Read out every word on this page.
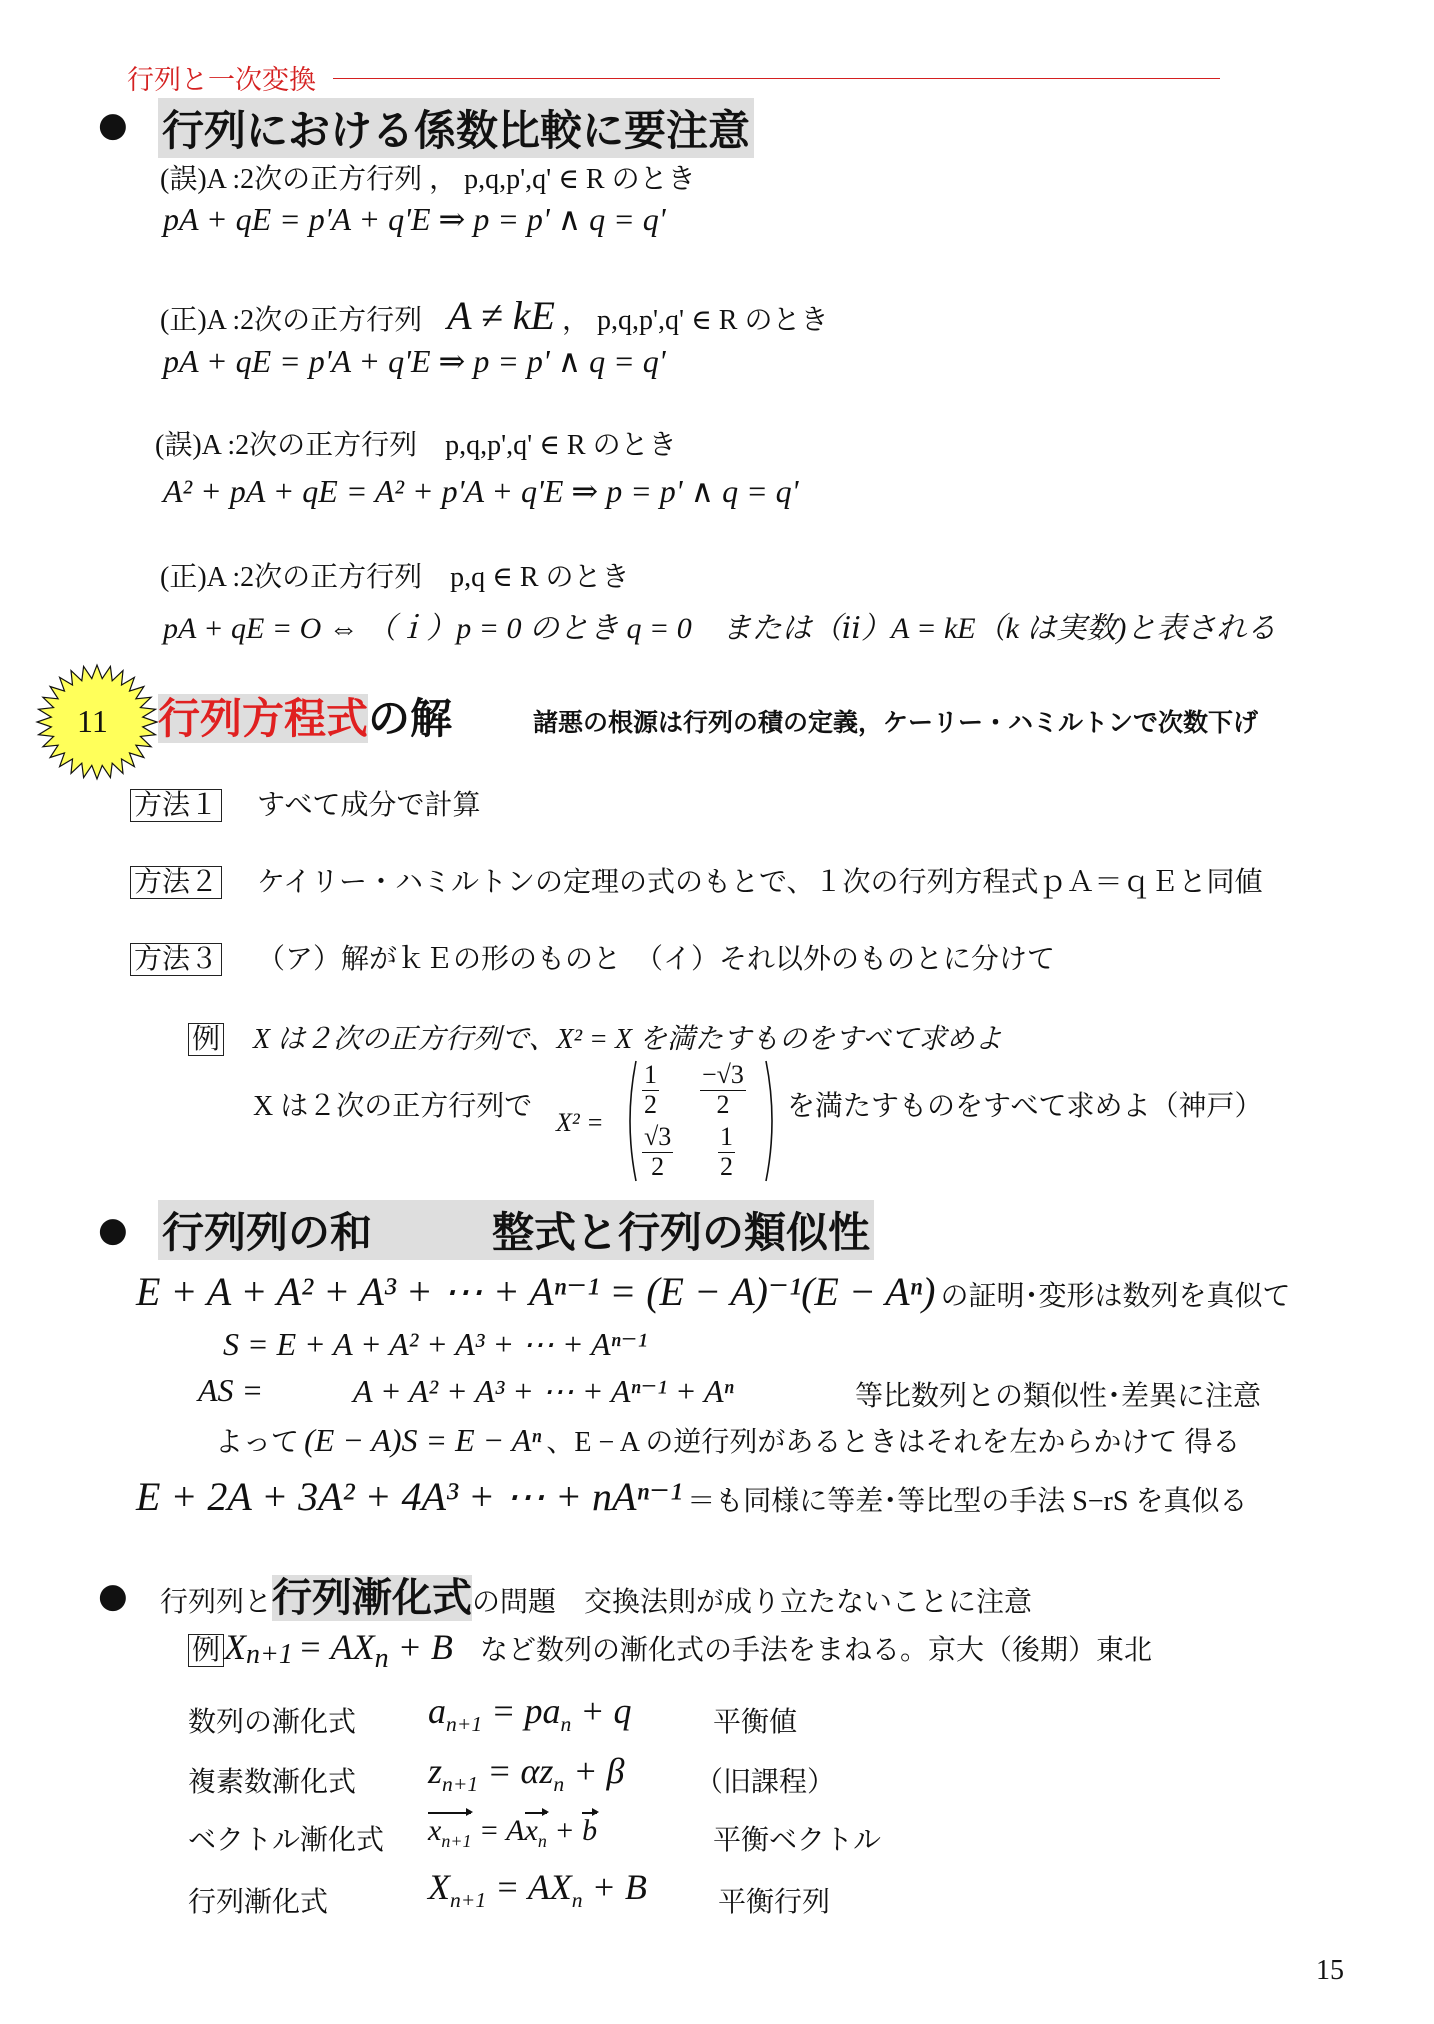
行列と一次変換
● 行列における係数比較に要注意
(誤)A :2次の正方行列 ， p,q,p',q' ∈ R のとき
pA + qE = p'A + q'E ⇒ p = p' ∧ q = q'
(正)A :2次の正方行列 A ≠ kE ， p,q,p',q' ∈ R のとき
pA + qE = p'A + q'E ⇒ p = p' ∧ q = q'
(誤)A :2次の正方行列　p,q,p',q' ∈ R のとき
A² + pA + qE = A² + p'A + q'E ⇒ p = p' ∧ q = q'
(正)A :2次の正方行列　p,q ∈ R のとき
pA + qE = O ⇔ （ｉ）p = 0 のとき q = 0　または（ⅱ）A = kE（k は実数)と表される
11 行列方程式の解	諸悪の根源は行列の積の定義，ケーリー・ハミルトンで次数下げ
方法１ すべて成分で計算
方法２ ケイリー・ハミルトンの定理の式のもとで、１次の行列方程式ｐＡ＝ｑＥと同値
方法３ （ア）解がｋＥの形のものと　（イ）それ以外のものとに分けて
例 X は２次の正方行列で、X² = X を満たすものをすべて求めよ
X は２次の正方行列で
X² =
$\frac{1}{2} \frac{-√3}{2}$
$\frac{√3}{2} \frac{1}{2}$
を満たすものをすべて求めよ（神戸）
● 行列列の和	整式と行列の類似性
E + A + A² + A³ + ⋯ + Aⁿ⁻¹ = (E − A)⁻¹(E − Aⁿ) の証明･変形は数列を真似て
S = E + A + A² + A³ + ⋯ + Aⁿ⁻¹
AS =	A + A² + A³ + ⋯ + Aⁿ⁻¹ + Aⁿ	等比数列との類似性･差異に注意
よって (E − A)S = E − Aⁿ 、E − A の逆行列があるときはそれを左からかけて 得る
E + 2A + 3A² + 4A³ + ⋯ + nAⁿ⁻¹ ＝も同様に等差･等比型の手法 S−rS を真似る
● 行列列と行列漸化式の問題　交換法則が成り立たないことに注意
例 $X_{n+1} = AX_n + B$ など数列の漸化式の手法をまねる。京大（後期）東北
数列の漸化式 $a_{n+1} = pa_n + q$	平衡値
複素数漸化式 $z_{n+1} = \alpha z_n + \beta$	（旧課程）
ベクトル漸化式 $x_{n+1} = Ax_n + b$	平衡ベクトル
行列漸化式	$X_{n+1} = AX_n + B$	平衡行列
15
